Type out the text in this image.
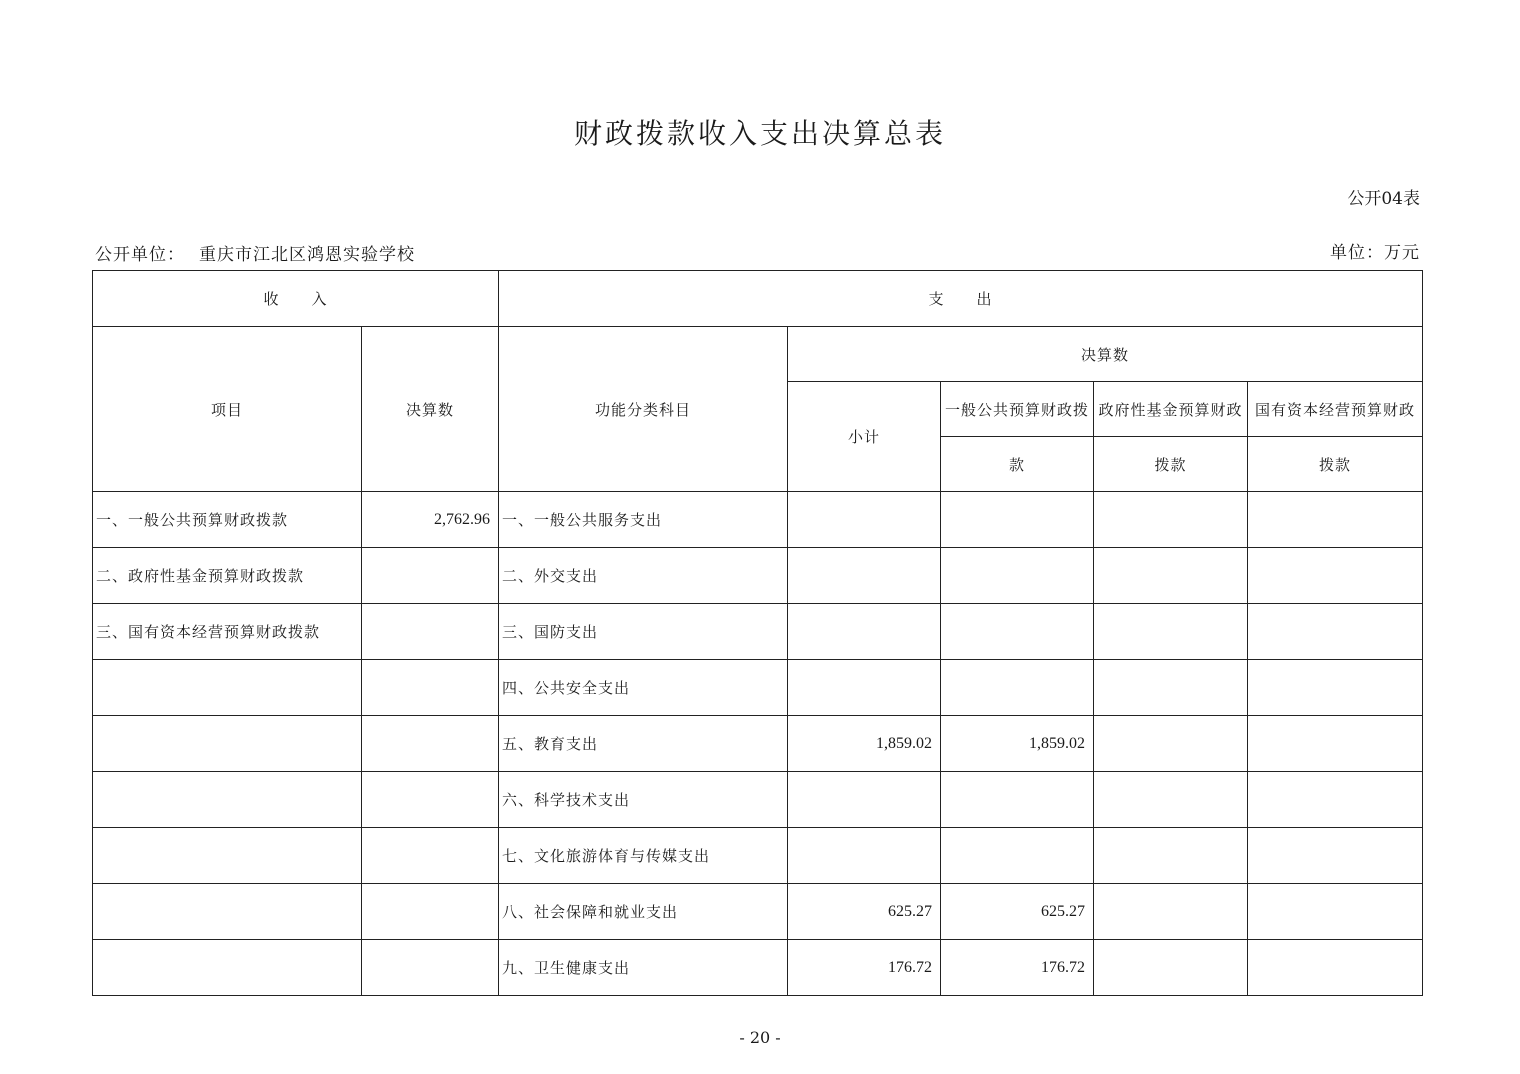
财政拨款收入支出决算总表
公开04表
公开单位： 重庆市江北区鸿恩实验学校	单位：万元
收　　入		支　　出				
项目	决算数	功能分类科目	决算数			
			小计	一般公共预算财政拨	政府性基金预算财政	国有资本经营预算财政
				款	拨款	拨款
一、一般公共预算财政拨款	2,762.96	一、一般公共服务支出				
二、政府性基金预算财政拨款		二、外交支出				
三、国有资本经营预算财政拨款		三、国防支出				
		四、公共安全支出				
		五、教育支出	1,859.02	1,859.02		
		六、科学技术支出				
		七、文化旅游体育与传媒支出				
		八、社会保障和就业支出	625.27	625.27		
		九、卫生健康支出	176.72	176.72		
- 20 -
